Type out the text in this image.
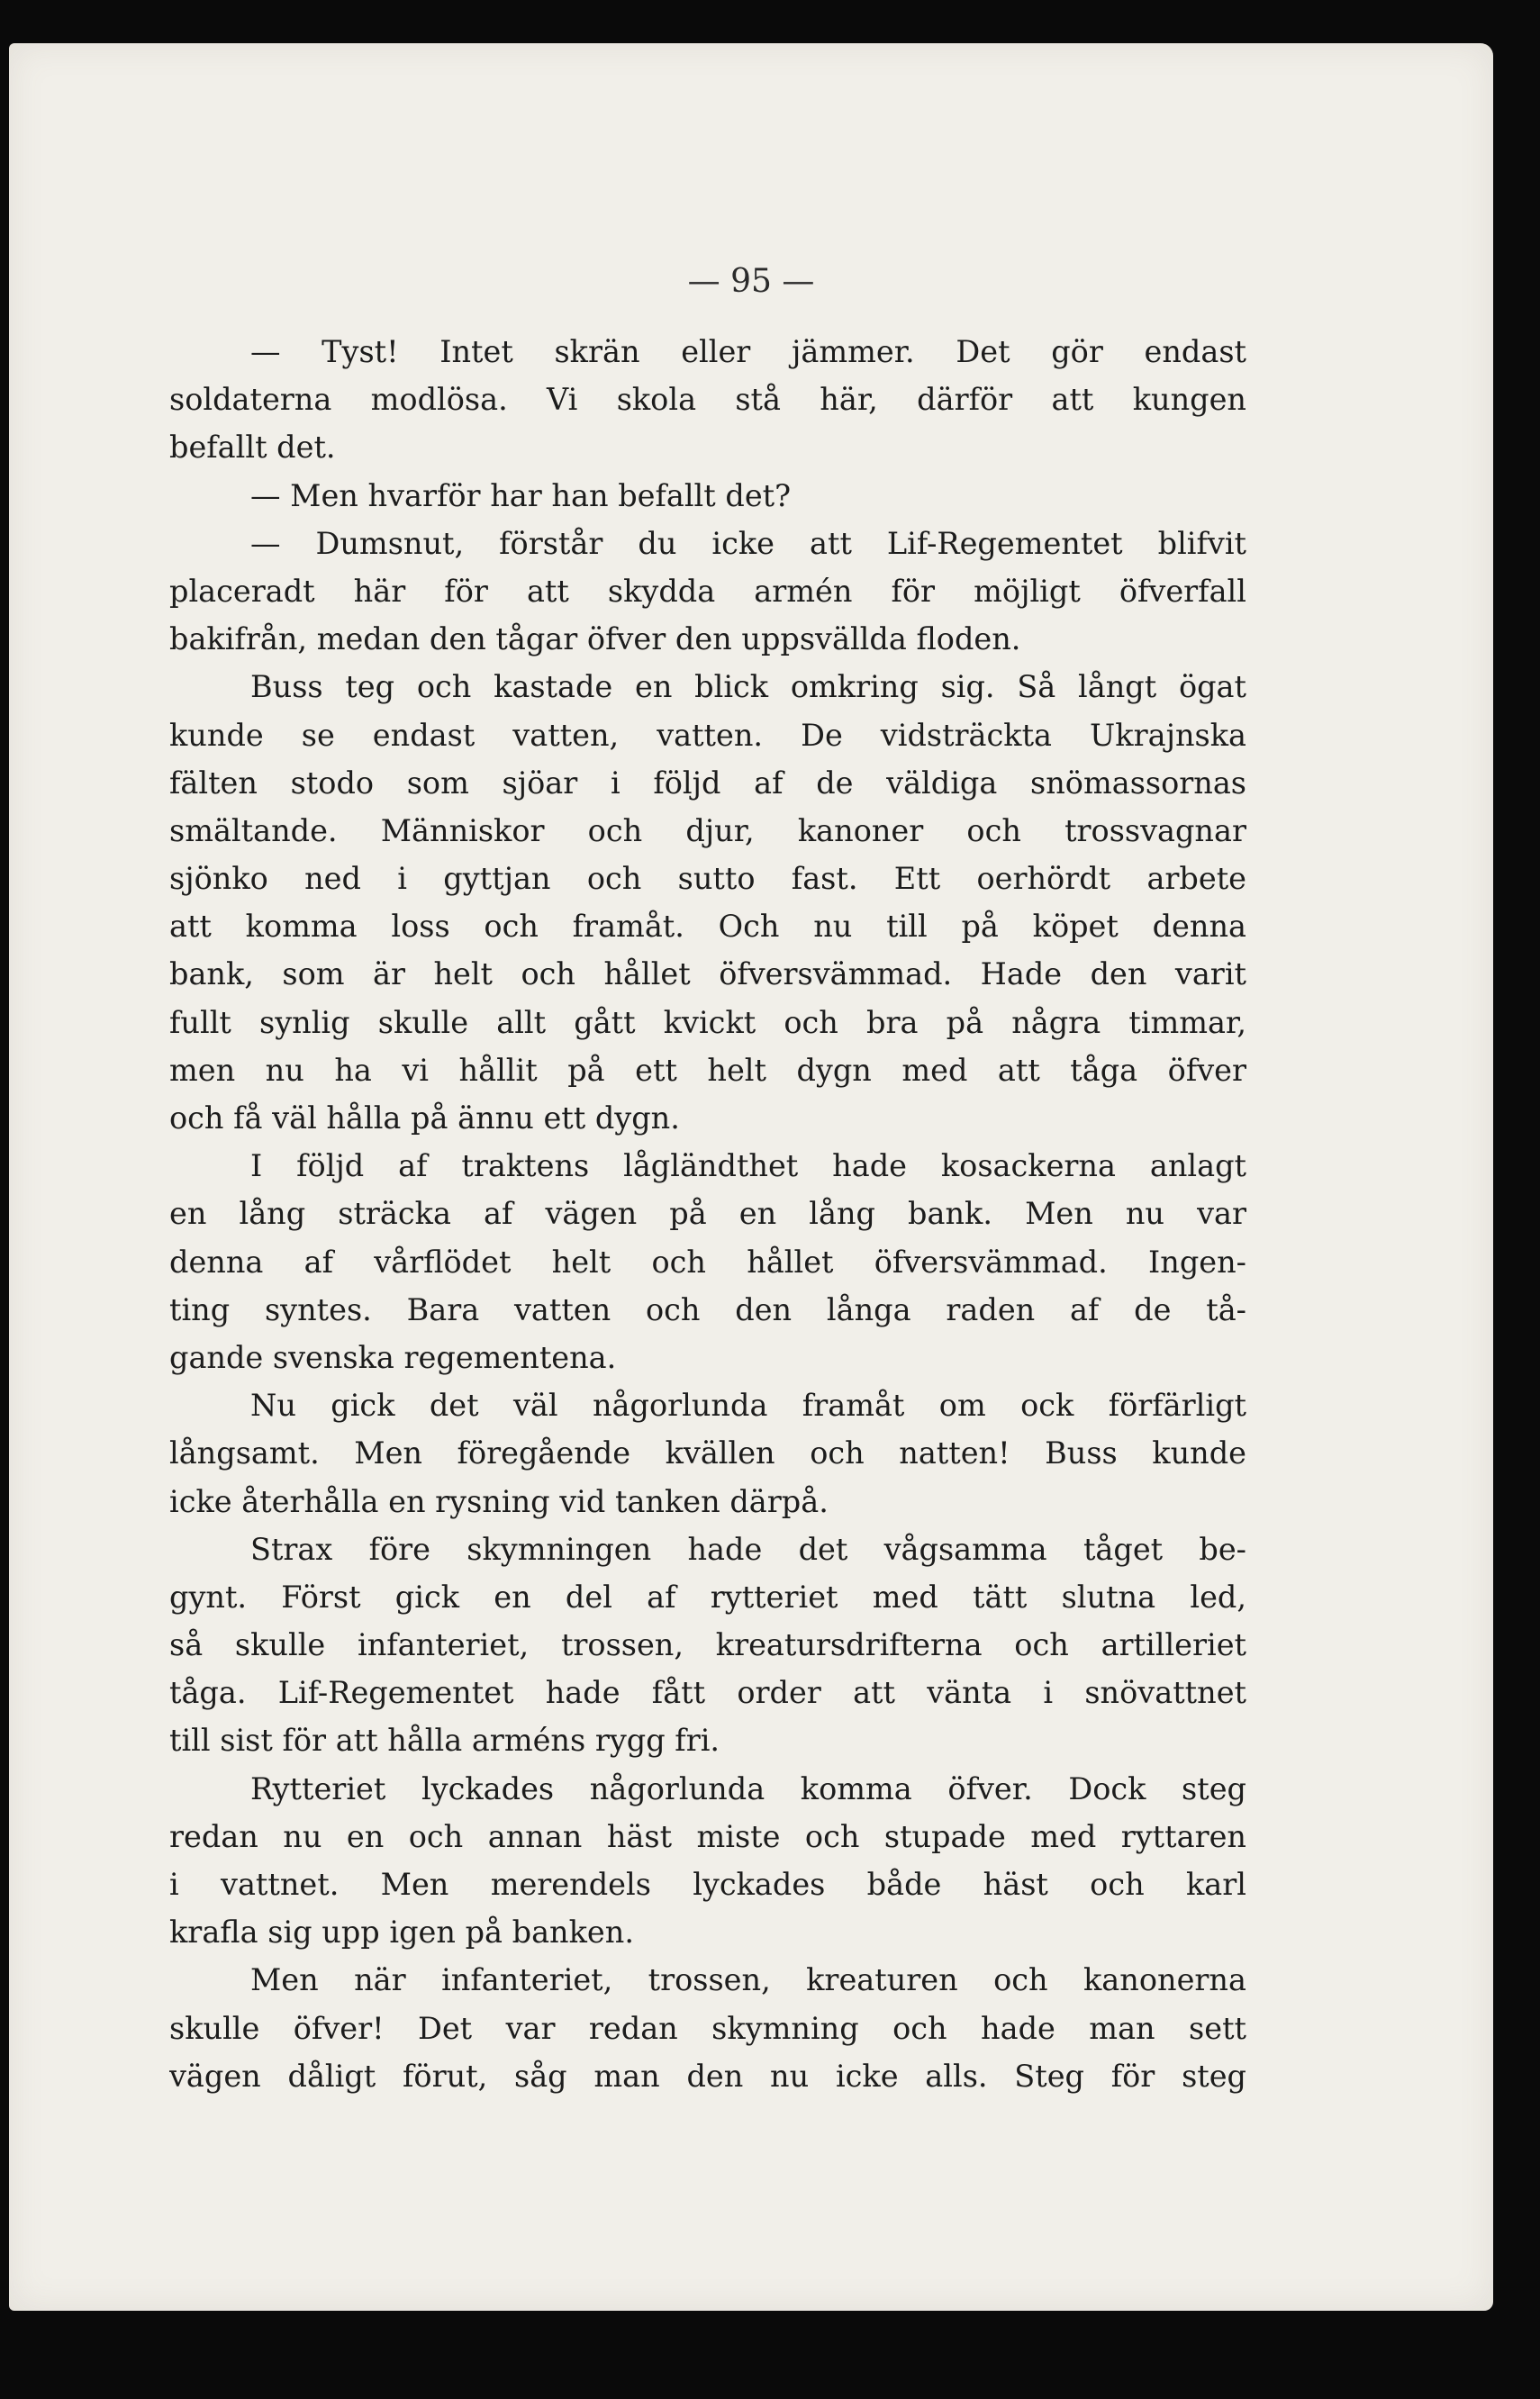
— 95 —

— Tyst! Intet skrän eller jämmer. Det gör endast
soldaterna modlösa. Vi skola stå här, därför att kungen
befallt det.
— Men hvarför har han befallt det?
— Dumsnut, förstår du icke att Lif-Regementet blifvit
placeradt här för att skydda armén för möjligt öfverfall
bakifrån, medan den tågar öfver den uppsvällda floden.
Buss teg och kastade en blick omkring sig. Så långt ögat
kunde se endast vatten, vatten. De vidsträckta Ukrajnska
fälten stodo som sjöar i följd af de väldiga snömassornas
smältande. Människor och djur, kanoner och trossvagnar
sjönko ned i gyttjan och sutto fast. Ett oerhördt arbete
att komma loss och framåt. Och nu till på köpet denna
bank, som är helt och hållet öfversvämmad. Hade den varit
fullt synlig skulle allt gått kvickt och bra på några timmar,
men nu ha vi hållit på ett helt dygn med att tåga öfver
och få väl hålla på ännu ett dygn.
I följd af traktens lågländthet hade kosackerna anlagt
en lång sträcka af vägen på en lång bank. Men nu var
denna af vårflödet helt och hållet öfversvämmad. Ingen-
ting syntes. Bara vatten och den långa raden af de tå-
gande svenska regementena.
Nu gick det väl någorlunda framåt om ock förfärligt
långsamt. Men föregående kvällen och natten! Buss kunde
icke återhålla en rysning vid tanken därpå.
Strax före skymningen hade det vågsamma tåget be-
gynt. Först gick en del af rytteriet med tätt slutna led,
så skulle infanteriet, trossen, kreatursdrifterna och artilleriet
tåga. Lif-Regementet hade fått order att vänta i snövattnet
till sist för att hålla arméns rygg fri.
Rytteriet lyckades någorlunda komma öfver. Dock steg
redan nu en och annan häst miste och stupade med ryttaren
i vattnet. Men merendels lyckades både häst och karl
krafla sig upp igen på banken.
Men när infanteriet, trossen, kreaturen och kanonerna
skulle öfver! Det var redan skymning och hade man sett
vägen dåligt förut, såg man den nu icke alls. Steg för steg
